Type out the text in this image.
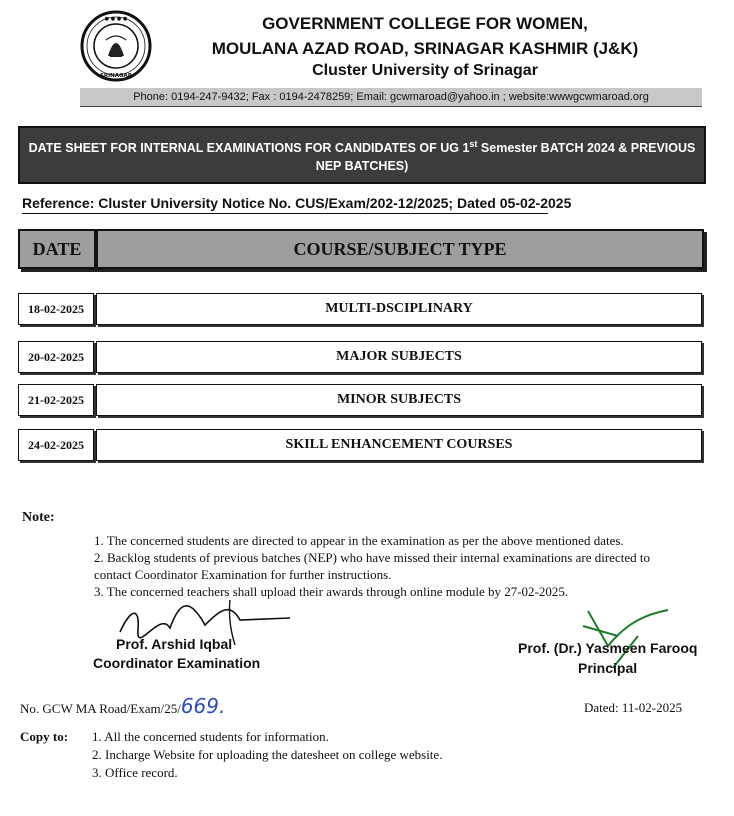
● ● ● ●
SRINAGAR
GOVERNMENT COLLEGE FOR WOMEN,
MOULANA AZAD ROAD, SRINAGAR KASHMIR (J&K)
Cluster University of Srinagar
Phone: 0194-247-9432; Fax : 0194-2478259; Email: gcwmaroad@yahoo.in ; website:wwwgcwmaroad.org
DATE SHEET FOR INTERNAL EXAMINATIONS FOR CANDIDATES OF UG 1st Semester BATCH 2024 & PREVIOUS
NEP BATCHES)
Reference: Cluster University Notice No. CUS/Exam/202-12/2025; Dated 05-02-2025
DATE	COURSE/SUBJECT TYPE
18-02-2025	MULTI-DSCIPLINARY
20-02-2025	MAJOR SUBJECTS
21-02-2025	MINOR SUBJECTS
24-02-2025	SKILL ENHANCEMENT COURSES
Note:
1. The concerned students are directed to appear in the examination as per the above mentioned dates.
2. Backlog students of previous batches (NEP) who have missed their internal examinations are directed to
contact Coordinator Examination for further instructions.
3. The concerned teachers shall upload their awards through online module by 27-02-2025.
Prof. Arshid Iqbal
Coordinator Examination
Prof. (Dr.) Yasmeen Farooq
Principal
No. GCW MA Road/Exam/25/669.	Dated: 11-02-2025
Copy to: 1. All the concerned students for information.
2. Incharge Website for uploading the datesheet on college website.
3. Office record.
